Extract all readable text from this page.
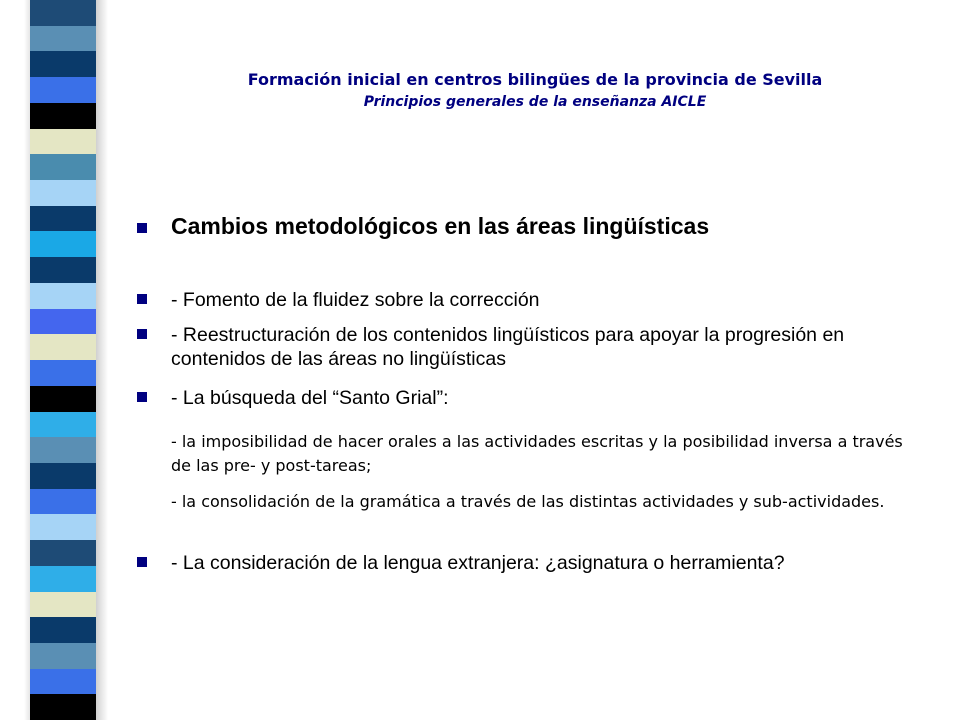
Formación inicial en centros bilingües de la provincia de Sevilla
Principios generales de la enseñanza AICLE
Cambios metodológicos en las áreas lingüísticas
- Fomento de la fluidez sobre la corrección
- Reestructuración de los contenidos lingüísticos para apoyar la progresión en contenidos de las áreas no lingüísticas
- La búsqueda del “Santo Grial”:
- la imposibilidad de hacer orales a las actividades escritas y la posibilidad inversa a través de las pre- y post-tareas;
- la consolidación de la gramática a través de las distintas actividades y sub-actividades.
- La consideración de la lengua extranjera: ¿asignatura o herramienta?
